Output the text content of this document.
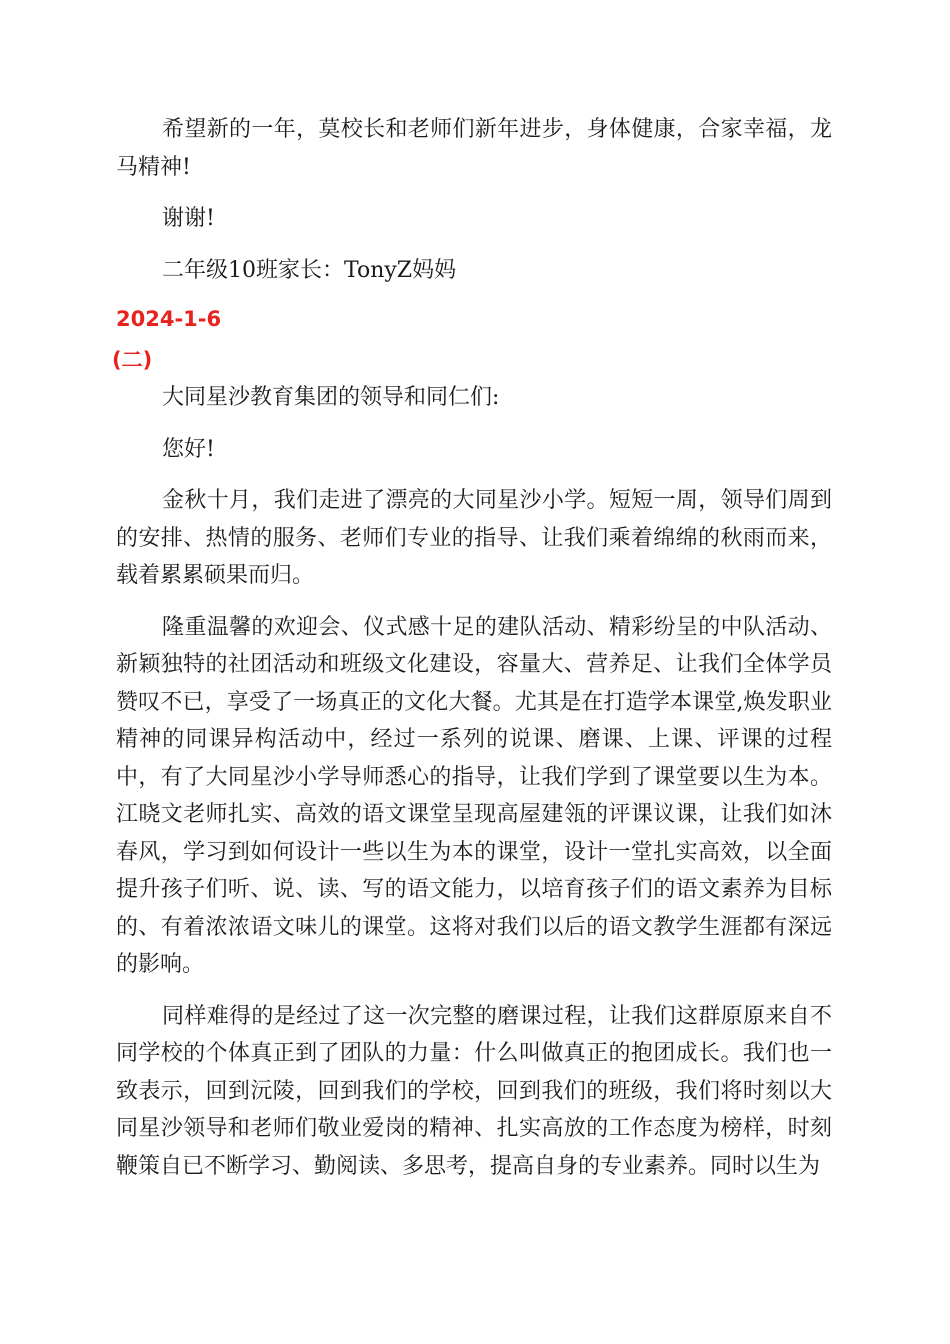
希望新的一年，莫校长和老师们新年进步，身体健康，合家幸福，龙马精神!

谢谢!

二年级10班家长：TonyZ妈妈

2024-1-6
(二)

大同星沙教育集团的领导和同仁们:

您好!

金秋十月，我们走进了漂亮的大同星沙小学。短短一周，领导们周到的安排、热情的服务、老师们专业的指导、让我们乘着绵绵的秋雨而来，载着累累硕果而归。

隆重温馨的欢迎会、仪式感十足的建队活动、精彩纷呈的中队活动、新颖独特的社团活动和班级文化建设，容量大、营养足、让我们全体学员赞叹不已，享受了一场真正的文化大餐。尤其是在打造学本课堂,焕发职业精神的同课异构活动中，经过一系列的说课、磨课、上课、评课的过程中，有了大同星沙小学导师悉心的指导，让我们学到了课堂要以生为本。江晓文老师扎实、高效的语文课堂呈现高屋建瓴的评课议课，让我们如沐春风，学习到如何设计一些以生为本的课堂，设计一堂扎实高效，以全面提升孩子们听、说、读、写的语文能力，以培育孩子们的语文素养为目标的、有着浓浓语文味儿的课堂。这将对我们以后的语文教学生涯都有深远的影响。

同样难得的是经过了这一次完整的磨课过程，让我们这群原原来自不同学校的个体真正到了团队的力量：什么叫做真正的抱团成长。我们也一致表示，回到沅陵，回到我们的学校，回到我们的班级，我们将时刻以大同星沙领导和老师们敬业爱岗的精神、扎实高放的工作态度为榜样，时刻鞭策自已不断学习、勤阅读、多思考，提高自身的专业素养。同时以生为
